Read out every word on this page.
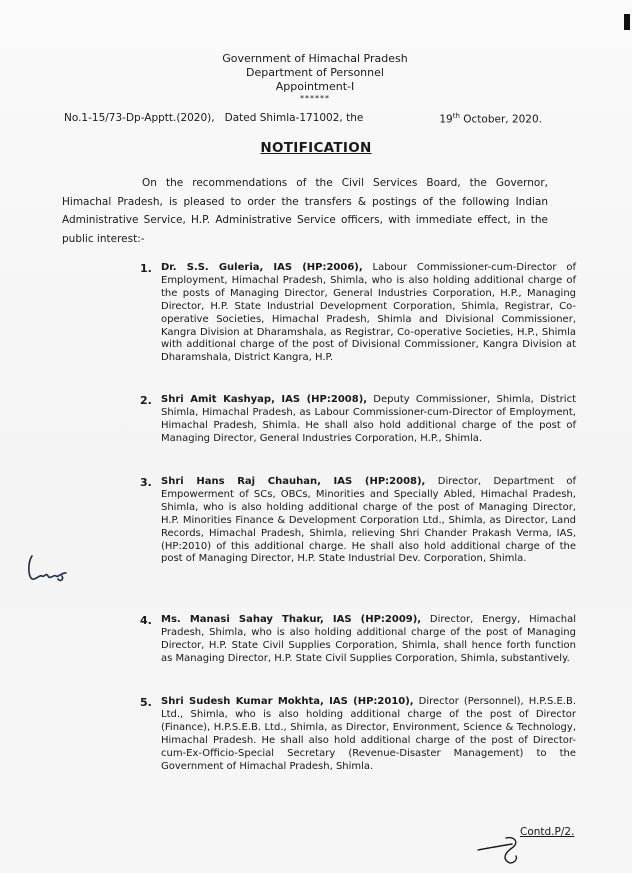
Government of Himachal Pradesh
Department of Personnel
Appointment-I
******
No.1-15/73-Dp-Apptt.(2020), Dated Shimla-171002, the	19th October, 2020.
NOTIFICATION
On the recommendations of the Civil Services Board, the Governor, Himachal Pradesh, is pleased to order the transfers & postings of the following Indian Administrative Service, H.P. Administrative Service officers, with immediate effect, in the public interest:-
1. Dr. S.S. Guleria, IAS (HP:2006), Labour Commissioner-cum-Director of Employment, Himachal Pradesh, Shimla, who is also holding additional charge of the posts of Managing Director, General Industries Corporation, H.P., Managing Director, H.P. State Industrial Development Corporation, Shimla, Registrar, Co-operative Societies, Himachal Pradesh, Shimla and Divisional Commissioner, Kangra Division at Dharamshala, as Registrar, Co-operative Societies, H.P., Shimla with additional charge of the post of Divisional Commissioner, Kangra Division at Dharamshala, District Kangra, H.P.
2. Shri Amit Kashyap, IAS (HP:2008), Deputy Commissioner, Shimla, District Shimla, Himachal Pradesh, as Labour Commissioner-cum-Director of Employment, Himachal Pradesh, Shimla. He shall also hold additional charge of the post of Managing Director, General Industries Corporation, H.P., Shimla.
3. Shri Hans Raj Chauhan, IAS (HP:2008), Director, Department of Empowerment of SCs, OBCs, Minorities and Specially Abled, Himachal Pradesh, Shimla, who is also holding additional charge of the post of Managing Director, H.P. Minorities Finance & Development Corporation Ltd., Shimla, as Director, Land Records, Himachal Pradesh, Shimla, relieving Shri Chander Prakash Verma, IAS, (HP:2010) of this additional charge. He shall also hold additional charge of the post of Managing Director, H.P. State Industrial Dev. Corporation, Shimla.
4. Ms. Manasi Sahay Thakur, IAS (HP:2009), Director, Energy, Himachal Pradesh, Shimla, who is also holding additional charge of the post of Managing Director, H.P. State Civil Supplies Corporation, Shimla, shall hence forth function as Managing Director, H.P. State Civil Supplies Corporation, Shimla, substantively.
5. Shri Sudesh Kumar Mokhta, IAS (HP:2010), Director (Personnel), H.P.S.E.B. Ltd., Shimla, who is also holding additional charge of the post of Director (Finance), H.P.S.E.B. Ltd., Shimla, as Director, Environment, Science & Technology, Himachal Pradesh. He shall also hold additional charge of the post of Director-cum-Ex-Officio-Special Secretary (Revenue-Disaster Management) to the Government of Himachal Pradesh, Shimla.
Contd.P/2.
